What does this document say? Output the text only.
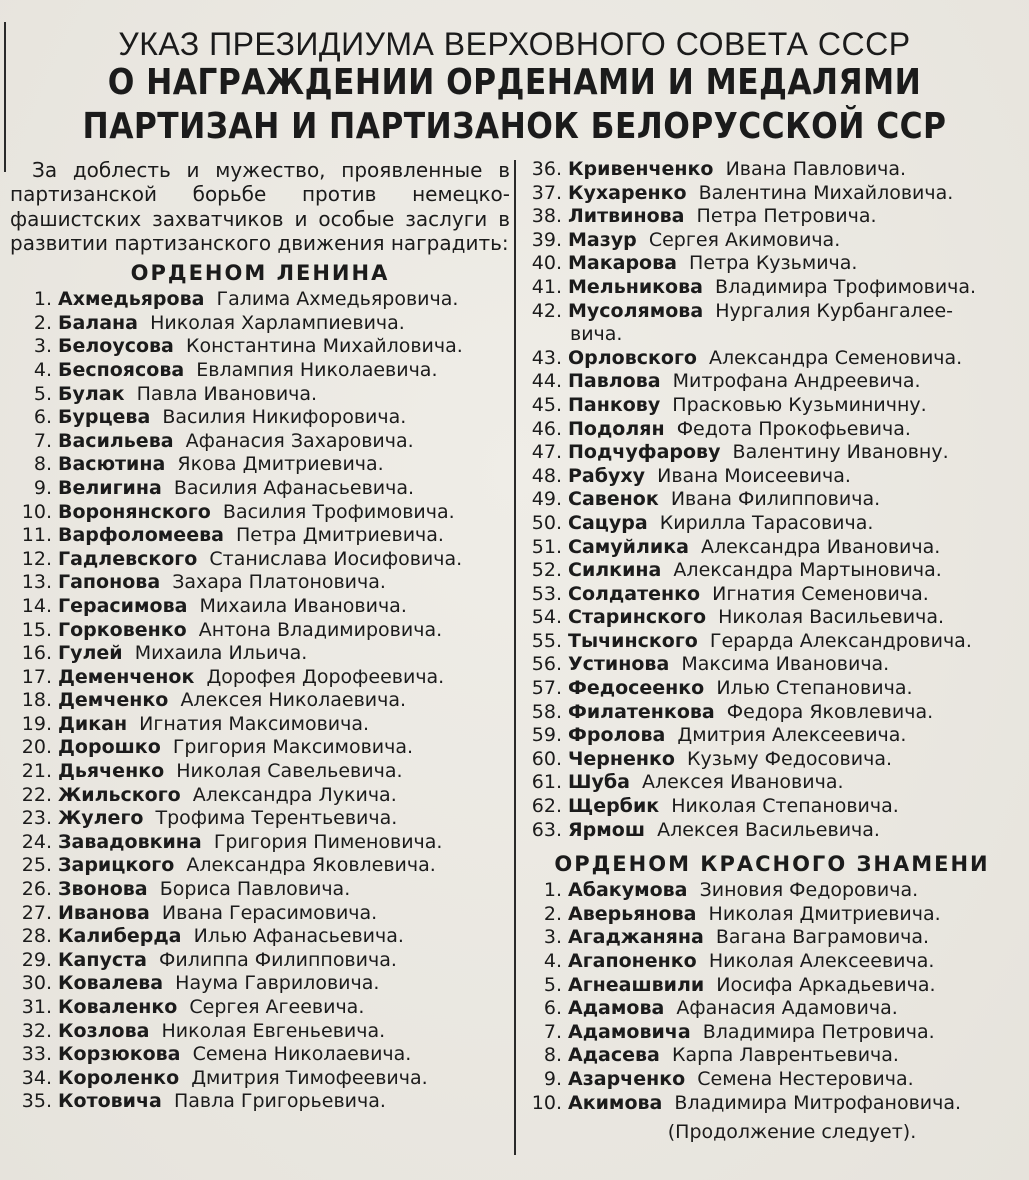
УКАЗ ПРЕЗИДИУМА ВЕРХОВНОГО СОВЕТА СССР
О НАГРАЖДЕНИИ ОРДЕНАМИ И МЕДАЛЯМИ
ПАРТИЗАН И ПАРТИЗАНОК БЕЛОРУССКОЙ ССР

За доблесть и мужество, проявленные в партизанской борьбе против немецко-фашистских захватчиков и особые заслуги в развитии партизанского движения наградить:

ОРДЕНОМ ЛЕНИНА
1. Ахмедьярова  Галима Ахмедьяровича.
2. Балана  Николая Харлампиевича.
3. Белоусова  Константина Михайловича.
4. Беспоясова  Евлампия Николаевича.
5. Булак  Павла Ивановича.
6. Бурцева  Василия Никифоровича.
7. Васильева  Афанасия Захаровича.
8. Васютина  Якова Дмитриевича.
9. Велигина  Василия Афанасьевича.
10. Воронянского  Василия Трофимовича.
11. Варфоломеева  Петра Дмитриевича.
12. Гадлевского  Станислава Иосифовича.
13. Гапонова  Захара Платоновича.
14. Герасимова  Михаила Ивановича.
15. Горковенко  Антона Владимировича.
16. Гулей  Михаила Ильича.
17. Деменченок  Дорофея Дорофеевича.
18. Демченко  Алексея Николаевича.
19. Дикан  Игнатия Максимовича.
20. Дорошко  Григория Максимовича.
21. Дьяченко  Николая Савельевича.
22. Жильского  Александра Лукича.
23. Жулего  Трофима Терентьевича.
24. Завадовкина  Григория Пименовича.
25. Зарицкого  Александра Яковлевича.
26. Звонова  Бориса Павловича.
27. Иванова  Ивана Герасимовича.
28. Калиберда  Илью Афанасьевича.
29. Капуста  Филиппа Филипповича.
30. Ковалева  Наума Гавриловича.
31. Коваленко  Сергея Агеевича.
32. Козлова  Николая Евгеньевича.
33. Корзюкова  Семена Николаевича.
34. Короленко  Дмитрия Тимофеевича.
35. Котовича  Павла Григорьевича.
36. Кривенченко  Ивана Павловича.
37. Кухаренко  Валентина Михайловича.
38. Литвинова  Петра Петровича.
39. Мазур  Сергея Акимовича.
40. Макарова  Петра Кузьмича.
41. Мельникова  Владимира Трофимовича.
42. Мусолямова  Нургалия Курбангалее-
вича.
43. Орловского  Александра Семеновича.
44. Павлова  Митрофана Андреевича.
45. Панкову  Прасковью Кузьминичну.
46. Подолян  Федота Прокофьевича.
47. Подчуфарову  Валентину Ивановну.
48. Рабуху  Ивана Моисеевича.
49. Савенок  Ивана Филипповича.
50. Сацура  Кирилла Тарасовича.
51. Самуйлика  Александра Ивановича.
52. Силкина  Александра Мартыновича.
53. Солдатенко  Игнатия Семеновича.
54. Старинского  Николая Васильевича.
55. Тычинского  Герарда Александровича.
56. Устинова  Максима Ивановича.
57. Федосеенко  Илью Степановича.
58. Филатенкова  Федора Яковлевича.
59. Фролова  Дмитрия Алексеевича.
60. Черненко  Кузьму Федосовича.
61. Шуба  Алексея Ивановича.
62. Щербик  Николая Степановича.
63. Ярмош  Алексея Васильевича.
ОРДЕНОМ КРАСНОГО ЗНАМЕНИ
1. Абакумова  Зиновия Федоровича.
2. Аверьянова  Николая Дмитриевича.
3. Агаджаняна  Вагана Ваграмовича.
4. Агапоненко  Николая Алексеевича.
5. Агнеашвили  Иосифа Аркадьевича.
6. Адамова  Афанасия Адамовича.
7. Адамовича  Владимира Петровича.
8. Адасева  Карпа Лаврентьевича.
9. Азарченко  Семена Нестеровича.
10. Акимова  Владимира Митрофановича.
(Продолжение следует).
